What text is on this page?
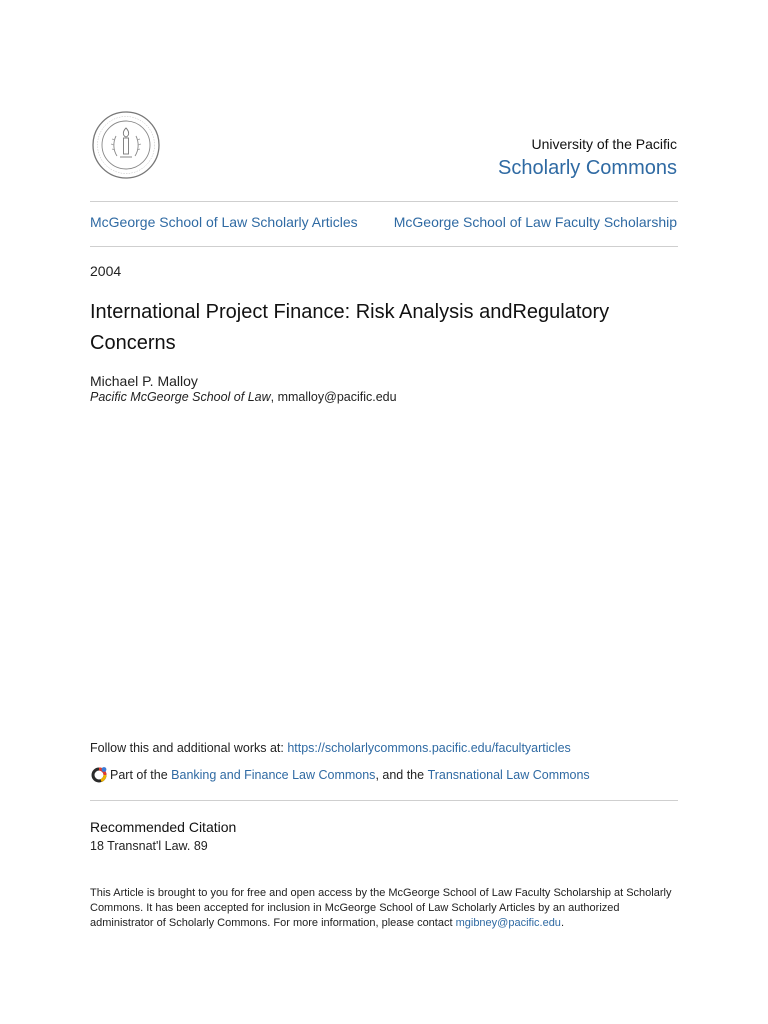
University of the Pacific
Scholarly Commons
McGeorge School of Law Scholarly Articles	McGeorge School of Law Faculty Scholarship
2004
International Project Finance: Risk Analysis andRegulatory Concerns
Michael P. Malloy
Pacific McGeorge School of Law, mmalloy@pacific.edu
Follow this and additional works at: https://scholarlycommons.pacific.edu/facultyarticles
Part of the Banking and Finance Law Commons , and the Transnational Law Commons
Recommended Citation
18 Transnat'l Law. 89
This Article is brought to you for free and open access by the McGeorge School of Law Faculty Scholarship at Scholarly Commons. It has been accepted for inclusion in McGeorge School of Law Scholarly Articles by an authorized administrator of Scholarly Commons. For more information, please contact mgibney@pacific.edu.
